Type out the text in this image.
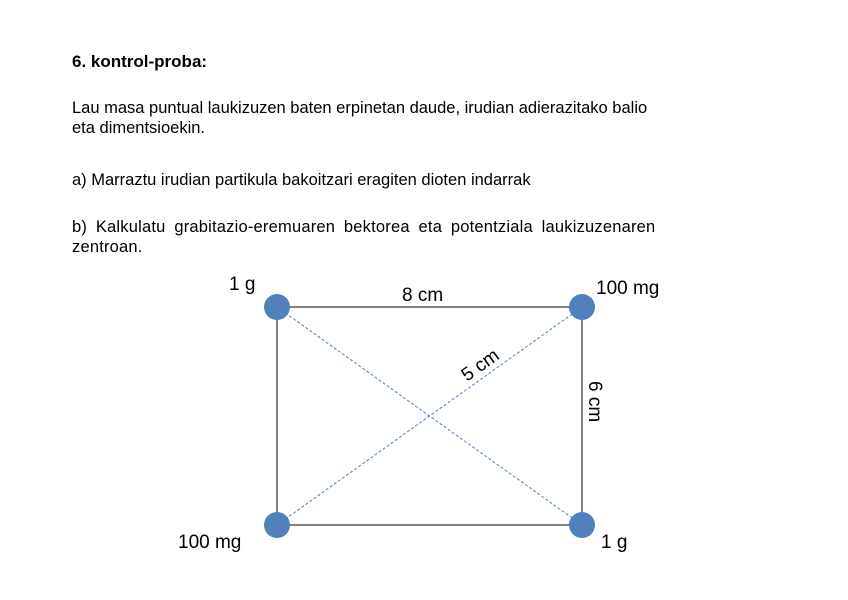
6. kontrol-proba:
Lau masa puntual laukizuzen baten erpinetan daude, irudian adierazitako balio
eta dimentsioekin.
a) Marraztu irudian partikula bakoitzari eragiten dioten indarrak
b) Kalkulatu grabitazio-eremuaren bektorea eta potentziala laukizuzenaren
zentroan.
1 g	100 mg
100 mg	1 g
8 cm
6 cm
5 cm
